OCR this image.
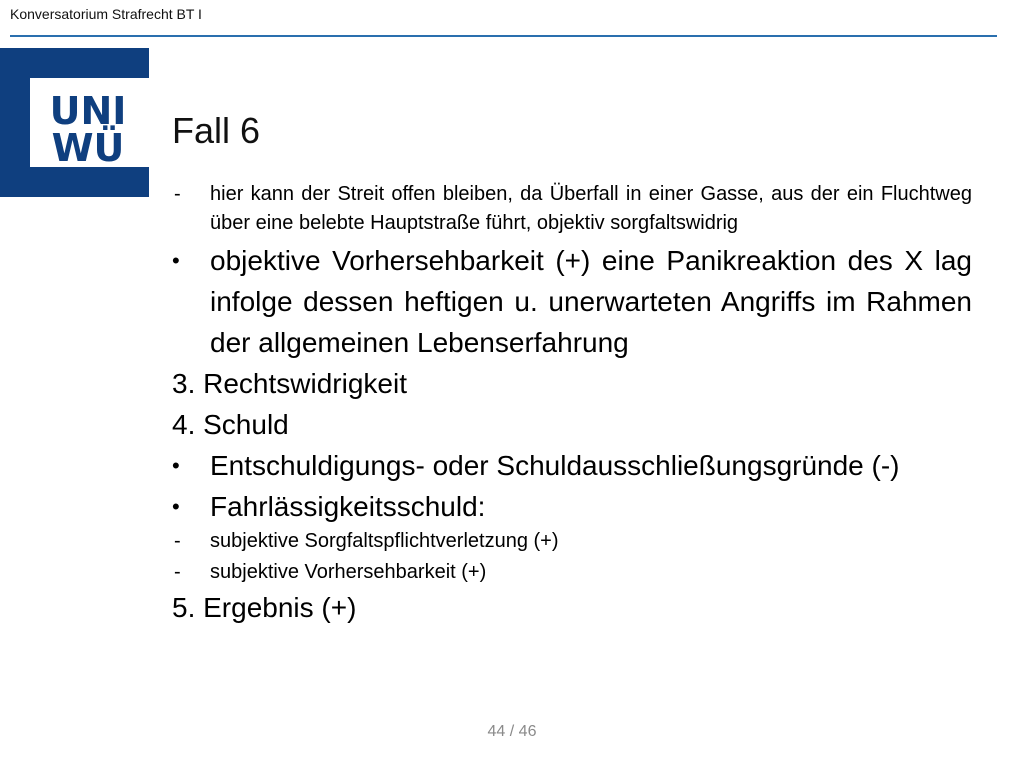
Konversatorium Strafrecht BT I
UNI
WÜ Fall 6
-	hier kann der Streit offen bleiben, da Überfall in einer Gasse, aus der ein Fluchtweg über eine belebte Hauptstraße führt, objektiv sorgfaltswidrig
•	objektive Vorhersehbarkeit (+) eine Panikreaktion des X lag infolge dessen heftigen u. unerwarteten Angriffs im Rahmen der allgemeinen Lebenserfahrung
3. Rechtswidrigkeit
4. Schuld
•	Entschuldigungs- oder Schuldausschließungsgründe (-)
•	Fahrlässigkeitsschuld:
-	subjektive Sorgfaltspflichtverletzung (+)
-	subjektive Vorhersehbarkeit (+)
5. Ergebnis (+)
44 / 46
